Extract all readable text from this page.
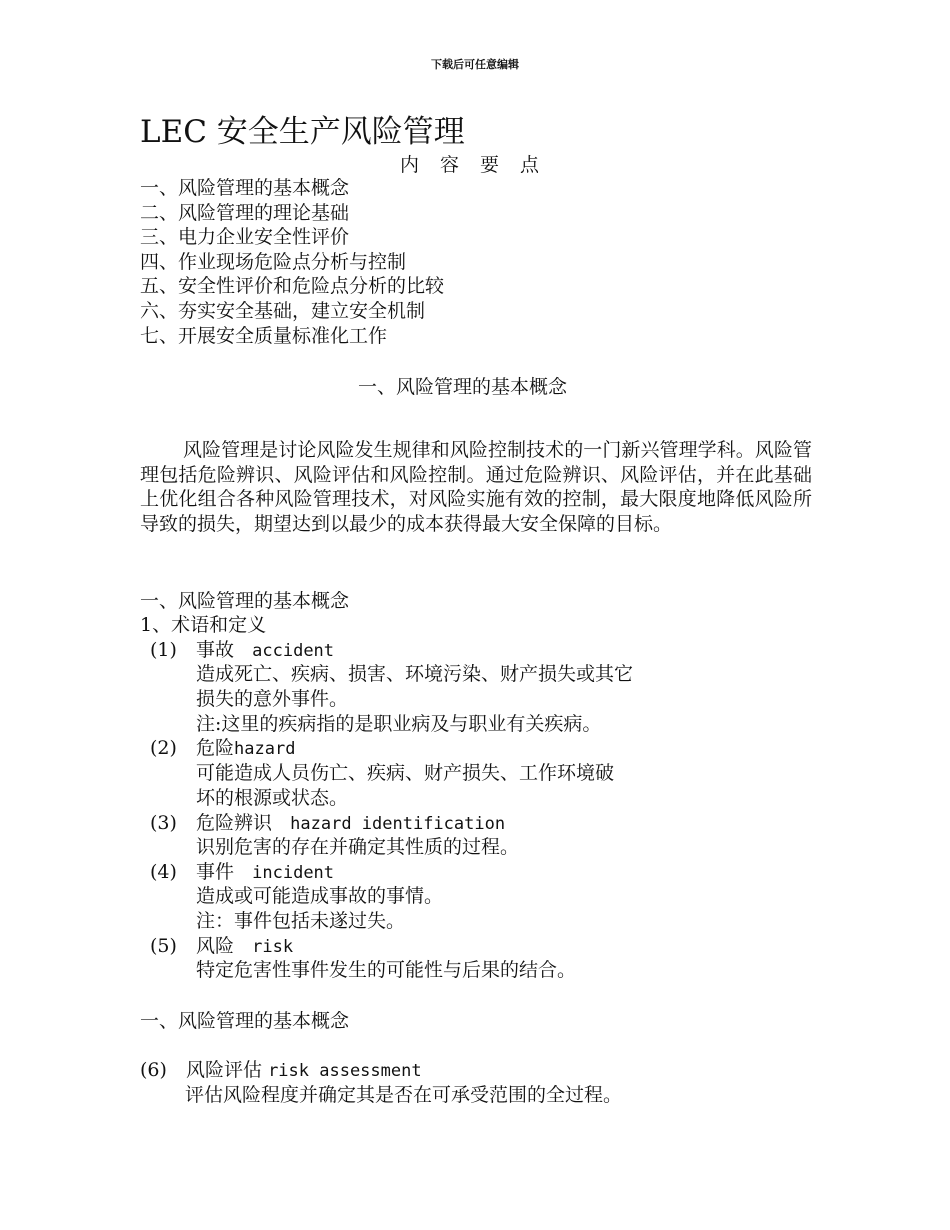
下载后可任意编辑
LEC 安全生产风险管理
内容要点
一、风险管理的基本概念
二、风险管理的理论基础
三、电力企业安全性评价
四、作业现场危险点分析与控制
五、安全性评价和危险点分析的比较
六、夯实安全基础，建立安全机制
七、开展安全质量标准化工作
一、风险管理的基本概念

风险管理是讨论风险发生规律和风险控制技术的一门新兴管理学科。风险管理包括危险辨识、风险评估和风险控制。通过危险辨识、风险评估，并在此基础上优化组合各种风险管理技术，对风险实施有效的控制，最大限度地降低风险所导致的损失，期望达到以最少的成本获得最大安全保障的目标。

一、风险管理的基本概念
1、术语和定义
(1) 事故 accident
造成死亡、疾病、损害、环境污染、财产损失或其它
损失的意外事件。
注:这里的疾病指的是职业病及与职业有关疾病。
(2) 危险hazard
可能造成人员伤亡、疾病、财产损失、工作环境破
坏的根源或状态。
(3) 危险辨识 hazard identification
识别危害的存在并确定其性质的过程。
(4) 事件 incident
造成或可能造成事故的事情。
注：事件包括未遂过失。
(5) 风险 risk
特定危害性事件发生的可能性与后果的结合。
一、风险管理的基本概念
(6) 风险评估 risk assessment
评估风险程度并确定其是否在可承受范围的全过程。
